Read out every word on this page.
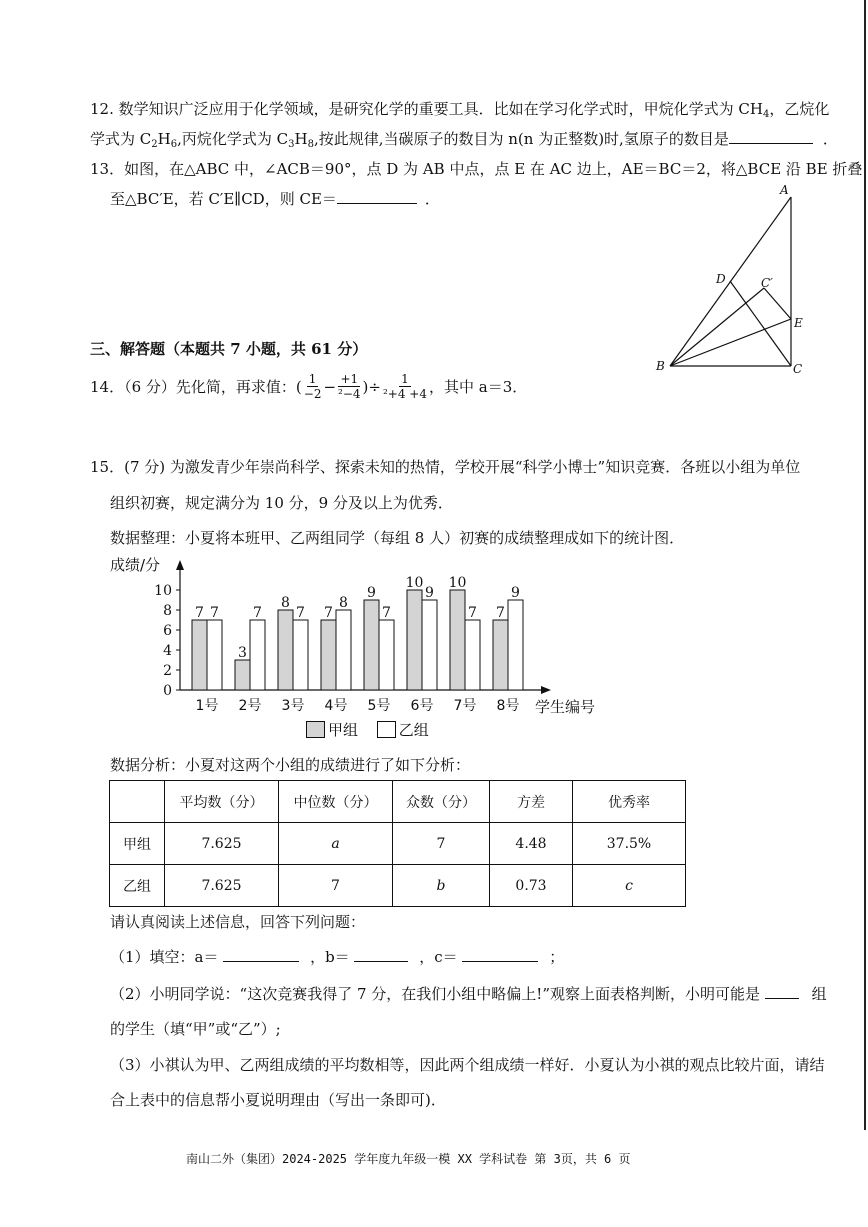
12. 数学知识广泛应用于化学领域，是研究化学的重要工具．比如在学习化学式时，甲烷化学式为 $CH_4$，乙烷化
学式为 $C_2H_6$,丙烷化学式为 $C_3H_8$,按此规律,当碳原子的数目为 n(n 为正整数)时,氢原子的数目是	．
13．如图，在△ABC 中，∠ACB＝90°，点 D 为 AB 中点，点 E 在 AC 边上，AE＝BC＝2，将△BCE 沿 BE 折叠
至△BC′E，若 C′E∥CD，则 CE＝	．	A
B	C
D
E
C′
三、解答题（本题共 7 小题，共 61 分）
14．（6 分）先化简，再求值：( $\frac{1}{-2} - \frac{+1}{\text{²−4}}$ )÷ $\frac{1}{\text{²+4 +4}}$ ，其中 a＝3．
15．(7 分) 为激发青少年崇尚科学、探索未知的热情，学校开展“科学小博士”知识竞赛．各班以小组为单位
组织初赛，规定满分为 10 分，9 分及以上为优秀．
数据整理：小夏将本班甲、乙两组同学（每组 8 人）初赛的成绩整理成如下的统计图．
成绩/分
学生编号
0
2
4
6
8
10
7 7
1号
3
7
2号
8
7
3号
7
8
4号
9
7
5号
10
9
6号
10
7
7号
7
9
8号
甲组	乙组
数据分析：小夏对这两个小组的成绩进行了如下分析：
	平均数（分）	中位数（分）	众数（分）	方差	优秀率
甲组	7.625	a	7	4.48	37.5%
乙组	7.625	7	b	0.73	c
请认真阅读上述信息，回答下列问题：
（1）填空：a＝	，b＝	，c＝	；
（2）小明同学说：“这次竞赛我得了 7 分，在我们小组中略偏上!”观察上面表格判断，小明可能是	组
的学生（填“甲”或“乙”）;
（3）小祺认为甲、乙两组成绩的平均数相等，因此两个组成绩一样好．小夏认为小祺的观点比较片面，请结
合上表中的信息帮小夏说明理由（写出一条即可)．
南山二外（集团）2024-2025 学年度九年级一模 XX 学科试卷 第 3页，共 6 页
